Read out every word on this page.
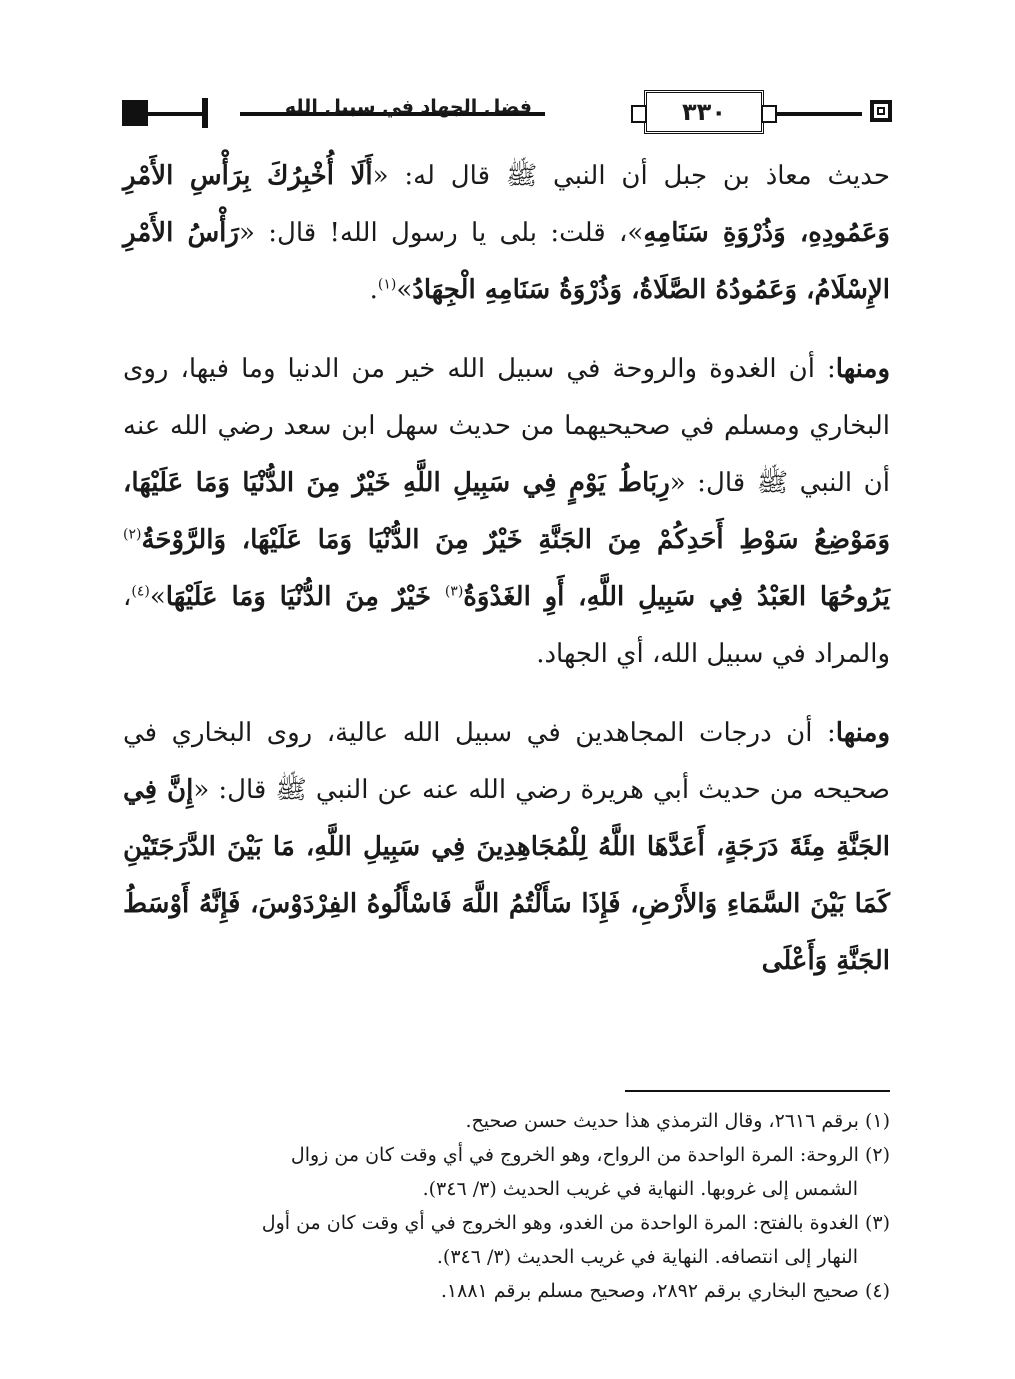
٣٣٠
فضل الجهاد في سبيل الله

حديث معاذ بن جبل أن النبي ﷺ قال له: «أَلَا أُخْبِرُكَ بِرَأْسِ الأَمْرِ وَعَمُودِهِ، وَذُرْوَةِ سَنَامِهِ»، قلت: بلى يا رسول الله! قال: «رَأْسُ الأَمْرِ الإِسْلَامُ، وَعَمُودُهُ الصَّلَاةُ، وَذُرْوَةُ سَنَامِهِ الْجِهَادُ»$^{(١)}$.

ومنها: أن الغدوة والروحة في سبيل الله خير من الدنيا وما فيها، روى البخاري ومسلم في صحيحيهما من حديث سهل ابن سعد رضي الله عنه أن النبي ﷺ قال: «رِبَاطُ يَوْمٍ فِي سَبِيلِ اللَّهِ خَيْرٌ مِنَ الدُّنْيَا وَمَا عَلَيْهَا، وَمَوْضِعُ سَوْطِ أَحَدِكُمْ مِنَ الجَنَّةِ خَيْرٌ مِنَ الدُّنْيَا وَمَا عَلَيْهَا، وَالرَّوْحَةُ$^{(٢)}$ يَرُوحُهَا العَبْدُ فِي سَبِيلِ اللَّهِ، أَوِ الغَدْوَةُ$^{(٣)}$ خَيْرٌ مِنَ الدُّنْيَا وَمَا عَلَيْهَا»$^{(٤)}$، والمراد في سبيل الله، أي الجهاد.

ومنها: أن درجات المجاهدين في سبيل الله عالية، روى البخاري في صحيحه من حديث أبي هريرة رضي الله عنه عن النبي ﷺ قال: «إِنَّ فِي الجَنَّةِ مِئَةَ دَرَجَةٍ، أَعَدَّهَا اللَّهُ لِلْمُجَاهِدِينَ فِي سَبِيلِ اللَّهِ، مَا بَيْنَ الدَّرَجَتَيْنِ كَمَا بَيْنَ السَّمَاءِ وَالأَرْضِ، فَإِذَا سَأَلْتُمُ اللَّهَ فَاسْأَلُوهُ الفِرْدَوْسَ، فَإِنَّهُ أَوْسَطُ الجَنَّةِ وَأَعْلَى

(١)برقم ٢٦١٦، وقال الترمذي هذا حديث حسن صحيح.

(٢)الروحة: المرة الواحدة من الرواح، وهو الخروج في أي وقت كان من زوال
الشمس إلى غروبها. النهاية في غريب الحديث (٣/ ٣٤٦).

(٣)الغدوة بالفتح: المرة الواحدة من الغدو، وهو الخروج في أي وقت كان من أول
النهار إلى انتصافه. النهاية في غريب الحديث (٣/ ٣٤٦).

(٤)صحيح البخاري برقم ٢٨٩٢، وصحيح مسلم برقم ١٨٨١.
